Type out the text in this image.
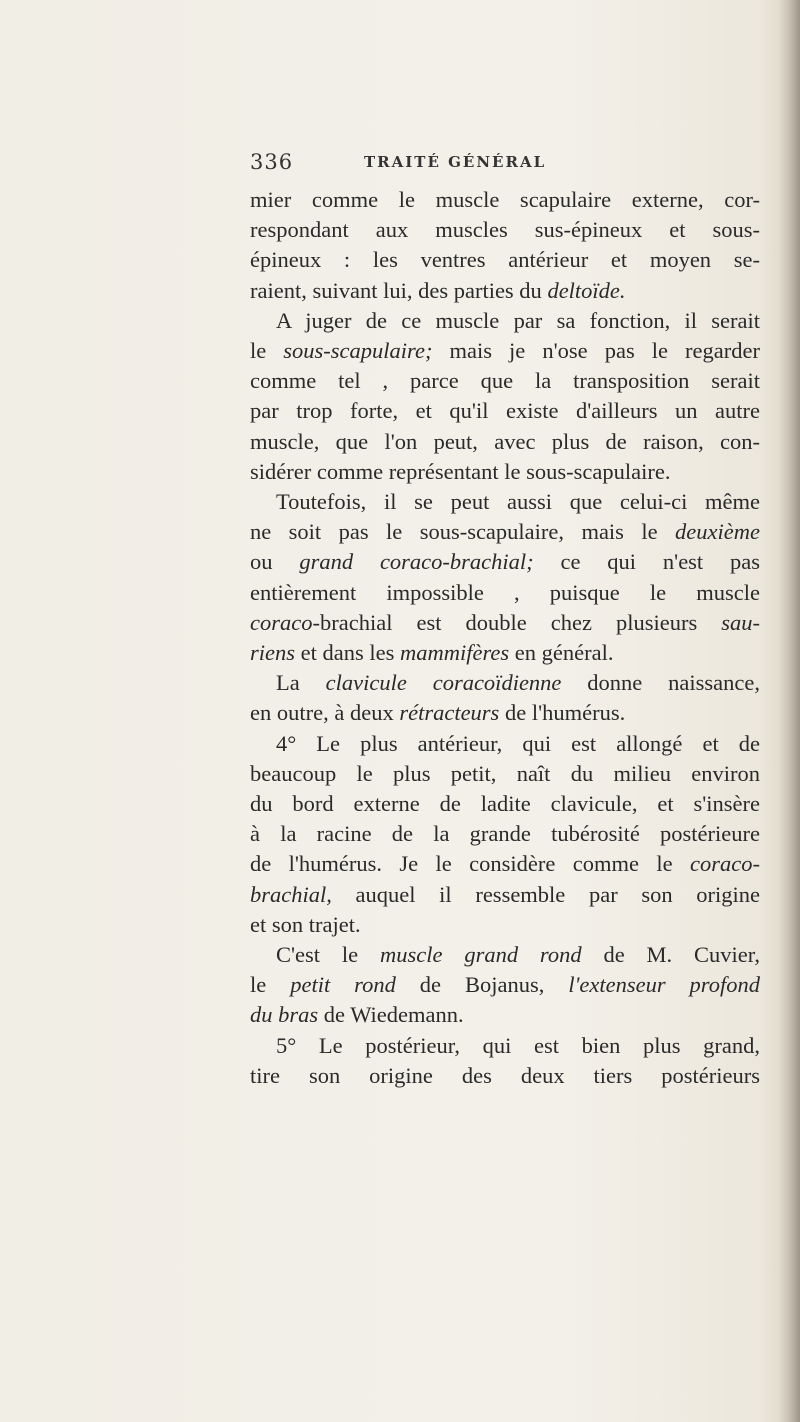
336	TRAITÉ GÉNÉRAL
mier comme le muscle scapulaire externe, cor-
respondant aux muscles sus-épineux et sous-
épineux : les ventres antérieur et moyen se-
raient, suivant lui, des parties du deltoïde.
A juger de ce muscle par sa fonction, il serait
le sous-scapulaire; mais je n'ose pas le regarder
comme tel , parce que la transposition serait
par trop forte, et qu'il existe d'ailleurs un autre
muscle, que l'on peut, avec plus de raison, con-
sidérer comme représentant le sous-scapulaire.
Toutefois, il se peut aussi que celui-ci même
ne soit pas le sous-scapulaire, mais le deuxième
ou grand coraco-brachial; ce qui n'est pas
entièrement impossible , puisque le muscle
coraco-brachial est double chez plusieurs sau-
riens et dans les mammifères en général.
La clavicule coracoïdienne donne naissance,
en outre, à deux rétracteurs de l'humérus.
4° Le plus antérieur, qui est allongé et de
beaucoup le plus petit, naît du milieu environ
du bord externe de ladite clavicule, et s'insère
à la racine de la grande tubérosité postérieure
de l'humérus. Je le considère comme le coraco-
brachial, auquel il ressemble par son origine
et son trajet.
C'est le muscle grand rond de M. Cuvier,
le petit rond de Bojanus, l'extenseur profond
du bras de Wiedemann.
5° Le postérieur, qui est bien plus grand,
tire son origine des deux tiers postérieurs
